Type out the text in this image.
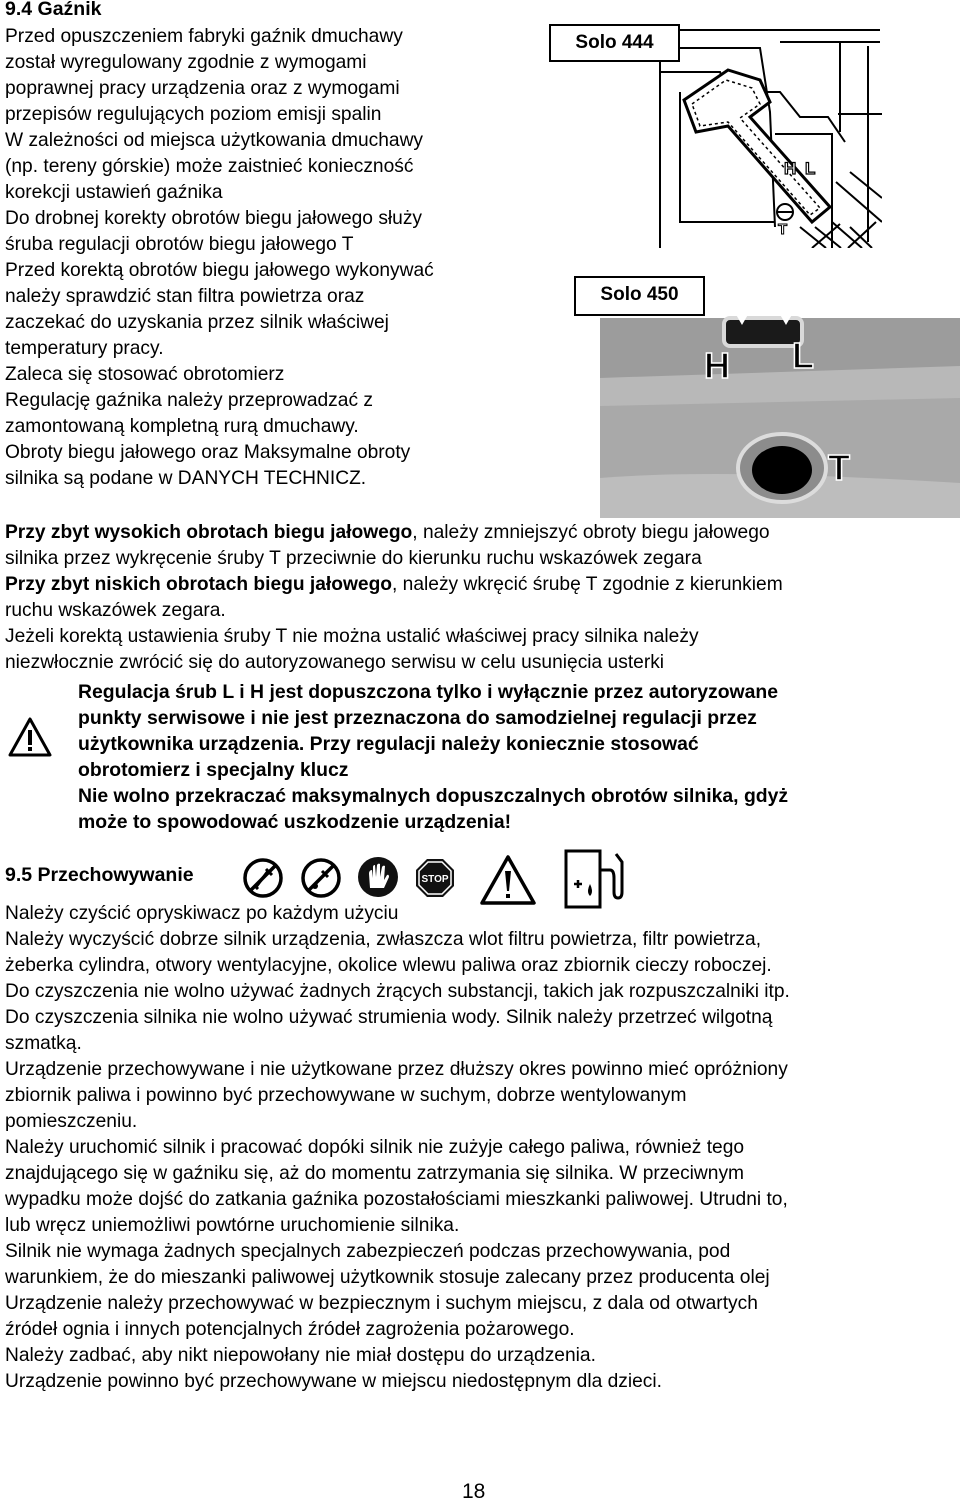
9.4 Gaźnik
Przed opuszczeniem fabryki gaźnik dmuchawy
został wyregulowany zgodnie z wymogami
poprawnej pracy urządzenia oraz z wymogami
przepisów regulujących poziom emisji spalin
W zależności od miejsca użytkowania dmuchawy
(np. tereny górskie) może zaistnieć konieczność
korekcji ustawień gaźnika
Do drobnej korekty obrotów biegu jałowego służy
śruba regulacji obrotów biegu jałowego T
Przed korektą obrotów biegu jałowego wykonywać
należy sprawdzić stan filtra powietrza oraz
zaczekać do uzyskania przez silnik właściwej
temperatury pracy.
Zaleca się stosować obrotomierz
Regulację gaźnika należy przeprowadzać z
zamontowaną kompletną rurą dmuchawy.
Obroty biegu jałowego oraz Maksymalne obroty
silnika są podane w DANYCH TECHNICZ.
H L
T
Solo 444
H L
T
Solo 450
Przy zbyt wysokich obrotach biegu jałowego, należy zmniejszyć obroty biegu jałowego
silnika przez wykręcenie śruby T przeciwnie do kierunku ruchu wskazówek zegara
Przy zbyt niskich obrotach biegu jałowego, należy wkręcić śrubę T zgodnie z kierunkiem
ruchu wskazówek zegara.
Jeżeli korektą ustawienia śruby T nie można ustalić właściwej pracy silnika należy
niezwłocznie zwrócić się do autoryzowanego serwisu w celu usunięcia usterki
Regulacja śrub L i H jest dopuszczona tylko i wyłącznie przez autoryzowane
punkty serwisowe i nie jest przeznaczona do samodzielnej regulacji przez
użytkownika urządzenia. Przy regulacji należy koniecznie stosować
obrotomierz i specjalny klucz
Nie wolno przekraczać maksymalnych dopuszczalnych obrotów silnika, gdyż
może to spowodować uszkodzenie urządzenia!
9.5 Przechowywanie	STOP
Należy czyścić opryskiwacz po każdym użyciu
Należy wyczyścić dobrze silnik urządzenia, zwłaszcza wlot filtru powietrza, filtr powietrza,
żeberka cylindra, otwory wentylacyjne, okolice wlewu paliwa oraz zbiornik cieczy roboczej.
Do czyszczenia nie wolno używać żadnych żrących substancji, takich jak rozpuszczalniki itp.
Do czyszczenia silnika nie wolno używać strumienia wody. Silnik należy przetrzeć wilgotną
szmatką.
Urządzenie przechowywane i nie użytkowane przez dłuższy okres powinno mieć opróżniony
zbiornik paliwa i powinno być przechowywane w suchym, dobrze wentylowanym
pomieszczeniu.
Należy uruchomić silnik i pracować dopóki silnik nie zużyje całego paliwa, również tego
znajdującego się w gaźniku się, aż do momentu zatrzymania się silnika. W przeciwnym
wypadku może dojść do zatkania gaźnika pozostałościami mieszkanki paliwowej. Utrudni to,
lub wręcz uniemożliwi powtórne uruchomienie silnika.
Silnik nie wymaga żadnych specjalnych zabezpieczeń podczas przechowywania, pod
warunkiem, że do mieszanki paliwowej użytkownik stosuje zalecany przez producenta olej
Urządzenie należy przechowywać w bezpiecznym i suchym miejscu, z dala od otwartych
źródeł ognia i innych potencjalnych źródeł zagrożenia pożarowego.
Należy zadbać, aby nikt niepowołany nie miał dostępu do urządzenia.
Urządzenie powinno być przechowywane w miejscu niedostępnym dla dzieci.
18
